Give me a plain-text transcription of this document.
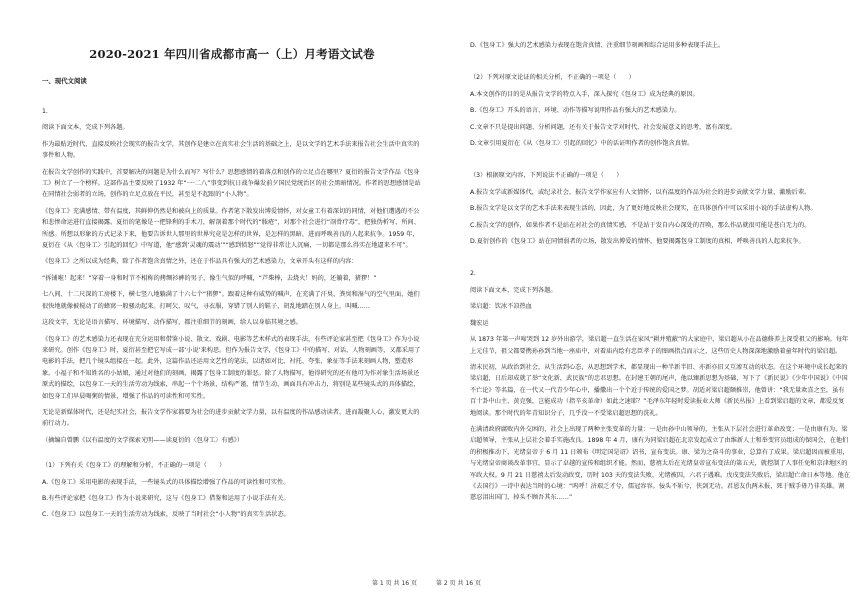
2020-2021 年四川省成都市高一（上）月考语文试卷
一、现代文阅读

1.

阅读下面文本，完成下列各题。

作为最贴近时代、直接反映社会现实的报告文学，其创作是建立在真实社会生活的基础之上，是以文学的艺术手法来报告社会生活中真实的事件和人物。

在报告文学创作的实践中，首要解决的问题是为什么而写？写什么？思想感情的着落点和创作的立足点在哪里？夏衍的报告文学作品《包身工》树立了一个榜样。这部作品主要反映了1932 年“一·二八”事变到抗日战争爆发前夕国民党统治区的社会黑暗情况。作者的思想感情是站在同情社会弱者的立场，创作的立足点放在平民，甚至是不起眼的“小人物”。

《包身工》充满感情、带有温度，其鲜伸仍然是和被向上的质量。作者笔下散发出博爱情怀，对女童工有着深切的同情，对他们遭遇的不公和悲惨命运进行直接揭露。夏衍的笔像是一把锋利的手术刀，解剖着那个时代的“脓疮”，对那个社会进行“剖骨疗毒”，把独伪析写、所间、所感。所想以形象的方式记录下来，他要告诉世人那里的世界究竟是怎样的世界，是怎样的黑暗，进而呼唤善良的人起来抗争。1959 年，夏衍在《从〈包身工〉引起的回忆》中写道，他“感到‘灵魂的震动’”“感到愤怒”“觉得非常让人沉痛，一切都是那么得实在地逼来不可”。

《包身工》之所以成为经典，除了作者饱含真情之外，还在于作品具有强大的艺术感染力，文章开头有这样的内容：

“拆铺啦！起来！”穿着一身和时节不相称的拷绸衫裤的男子，像生气似的呼喊，“芦柴棒，去烧火！妈的，还躺着，猪猡！”

七八间、十二尺深的工房楼下，横七竖八地躺满了十六七个“猪猡”。跟着这种有威势的喊声，在充满了汗臭、粪臭和湿气的空气里面，她们很快地就像被搅动了的蜂窝一般骚动起来。打呵欠，叹气，寻衣服，穿错了别人的鞋子，胡乱地踏在别人身上，叫喊……

这段文字，无论是语言描写、环境描写、动作描写，都注重细节的刻画，给人以身临其境之感。

《包身工》的艺术感染力还表现在充分运用和借鉴小说、散文、戏剧、电影等艺术样式的表现手法，有些评论家甚至把《包身工》作为小说来研究。创作《包身工》时，夏衍甚至把它写成一部‘小说’来构思。但作为报告文学，《包身工》中的描写、对话、人物刻画等，又都采用了电影的手法，把几个镜头组接在一起。此外，这篇作品还运用文艺性的笔法，以诸如对比、衬托、夸张、象征等手法来刻画人物，塑造形象。小福子和不知姓名的小姑娘，通过对他们的刻画，揭露了包身工制度的罪恶。除了人物描写，他得研究的还有他可为作对象生活场景还原式的描绘，以包身工一天的生活劳动为线索，串起一个个场景，结构严谨，情节生动，画面具有冲击力，将别是某些镜头式的具体描绘，如包身工们早晨喝粥的情景，增强了作品的可读性和可实性。

无论是新媒体时代，还是纪实社会，报告文学作家都要为社会的进步贡献文学力量，以有温度的作品感动读者，进而凝聚人心，激发更大的前行动力。

（摘编自曾鹏《以有温度的文学探索光明——读夏衍的〈包身工〉有感》）

（1）下列有关《包身工》的理解和分析，不正确的一项是（　　）

A.《包身工》采用电影的表现手法，一些镜头式的具体描绘增强了作品的可读性和可实性。

B.有些评论家把《包身工》作为小说来研究，这与《包身工》借鉴和运用了小说手法有关。

C.《包身工》以包身工一天的生活劳动为线索，反映了当时社会“小人物”的真实生活状态。

D.《包身工》强大的艺术感染力表现在饱含真情、注重细节刻画和综合运用多种表现手法上。

（2）下列对原文论证的相关分析，不正确的一项是（　　）

A.本文创作的目的是从报告文学的特点入手，深入探究《包身工》成为经典的原因。

B.《包身工》开头的语言、环境、动作等描写说明作品有强大的艺术感染力。

C.文章不只是提出问题、分析问题，还有关于报告文学对时代、社会发展意义的思考，富有深度。

D.文章引用夏衍在《从〈包身工〉引起的回忆》中的话证明作者的创作饱含真情。

（3）根据原文内容，下列说法不正确的一项是（　　）

A.报告文学或新媒体代，或纪录社会，报告文学作家应有人文情怀，以有温度的作品为社会的进步贡献文学力量，激励后辈。

B.报告文学是以文学的艺术手法来表现生活的，因此，为了更好地反映社会现实，在具体创作中可以采用小说的手法虚构人物。

C.报告文学的创作，如果作者不是站在对社会的真情实感，不是站于发自内心深处的召唤，那么作品就很可能是苍白无力的。

D.夏衍创作的《包身工》站在同情弱者的立场，散发出博爱的情怀，他要揭露包身工制度的真相，呼唤善良的人起来抗争。

2.

阅读下面文本，完成下列各题。

梁启超：饮冰不凉热血

魏宏运

从 1873 年第一声啼哭到 12 岁外出游学，梁启超一直生活在家风“耕并殖蔽”的大家庭中，梁启超从小在品德修养上深受祖父的影响。每年上元佳节，祖父都要携孙孙到当地一座庙中，对着庙内绘有忠臣孝子的图画指点而示之，这些历史人物深深地激励着童年时代的梁启超。

清末民初，从政治到社会，从生活到心态，从思想到学术，都显现出一种半新半旧、亦新亦旧又互渗互动的状态。在这个环境中成长起来的梁启超，日后却成就了举“文化新，武民族”的忠君思想。在封建王朝的尾声，他以臻新思想为基础，写下了《新民说》《少年中国说》《中国不亡论》等名篇，在一代又一代青少年心中，播撒出一个个近于传统的爱国之梦。胡适对梁启超颇推崇，他曾讲：“我无量欢喜之至，虽有百十卦中山主，黄克强，岂能成功（指辛亥革命）如此之速耶？”毛泽东年轻时爱读报业大师《新民丛报》上看到梁启超的文章，都爱反复地阅读。那个时代的年青知识分子，几乎没一不受梁启超思想的洗礼。

在满清政府腐败内外交困的，社会上出现了两种主张变革的力量：一是由孙中山领导的，主张从下层社会进行革命改变；一是由康有为、梁启超领导，主张从上层社会着手实施改良。1898 年 4 月，康有为同梁启超在北京发起成立了由维新人士和举变官员组成的保国会，在他们的积极推动下，光绪皇帝于 6 月 11 日颁布《明定国是诏》诏书，宣布变法。康、梁为之奋斗的事业，总算有了成果。梁启超因而被重用，与光绪皇帝商谈改革事宜，显示了卓越的宣传和组织才能。然而，慈禧太后在光绪皇帝宣布变法的第五天，就控制了人事任免和京津地区的军政大权。9 月 21 日慈禧太后发动政变，历时 103 天的变法失败，光绪被囚，六君子遇难。戊戌变法失败后，梁启超亡命日本等地。他在《去国行》一诗中表达当时的心境：“呜呼！济艰乏才兮，儒冠容容。佞头不斩兮，侠剑无功。君恩友仇两未报，死于贼手毋乃非英雄。割慈忍泪出国门，掉头不顾吾其东……”

第 1 页 共 16 页	第 2 页 共 16 页
